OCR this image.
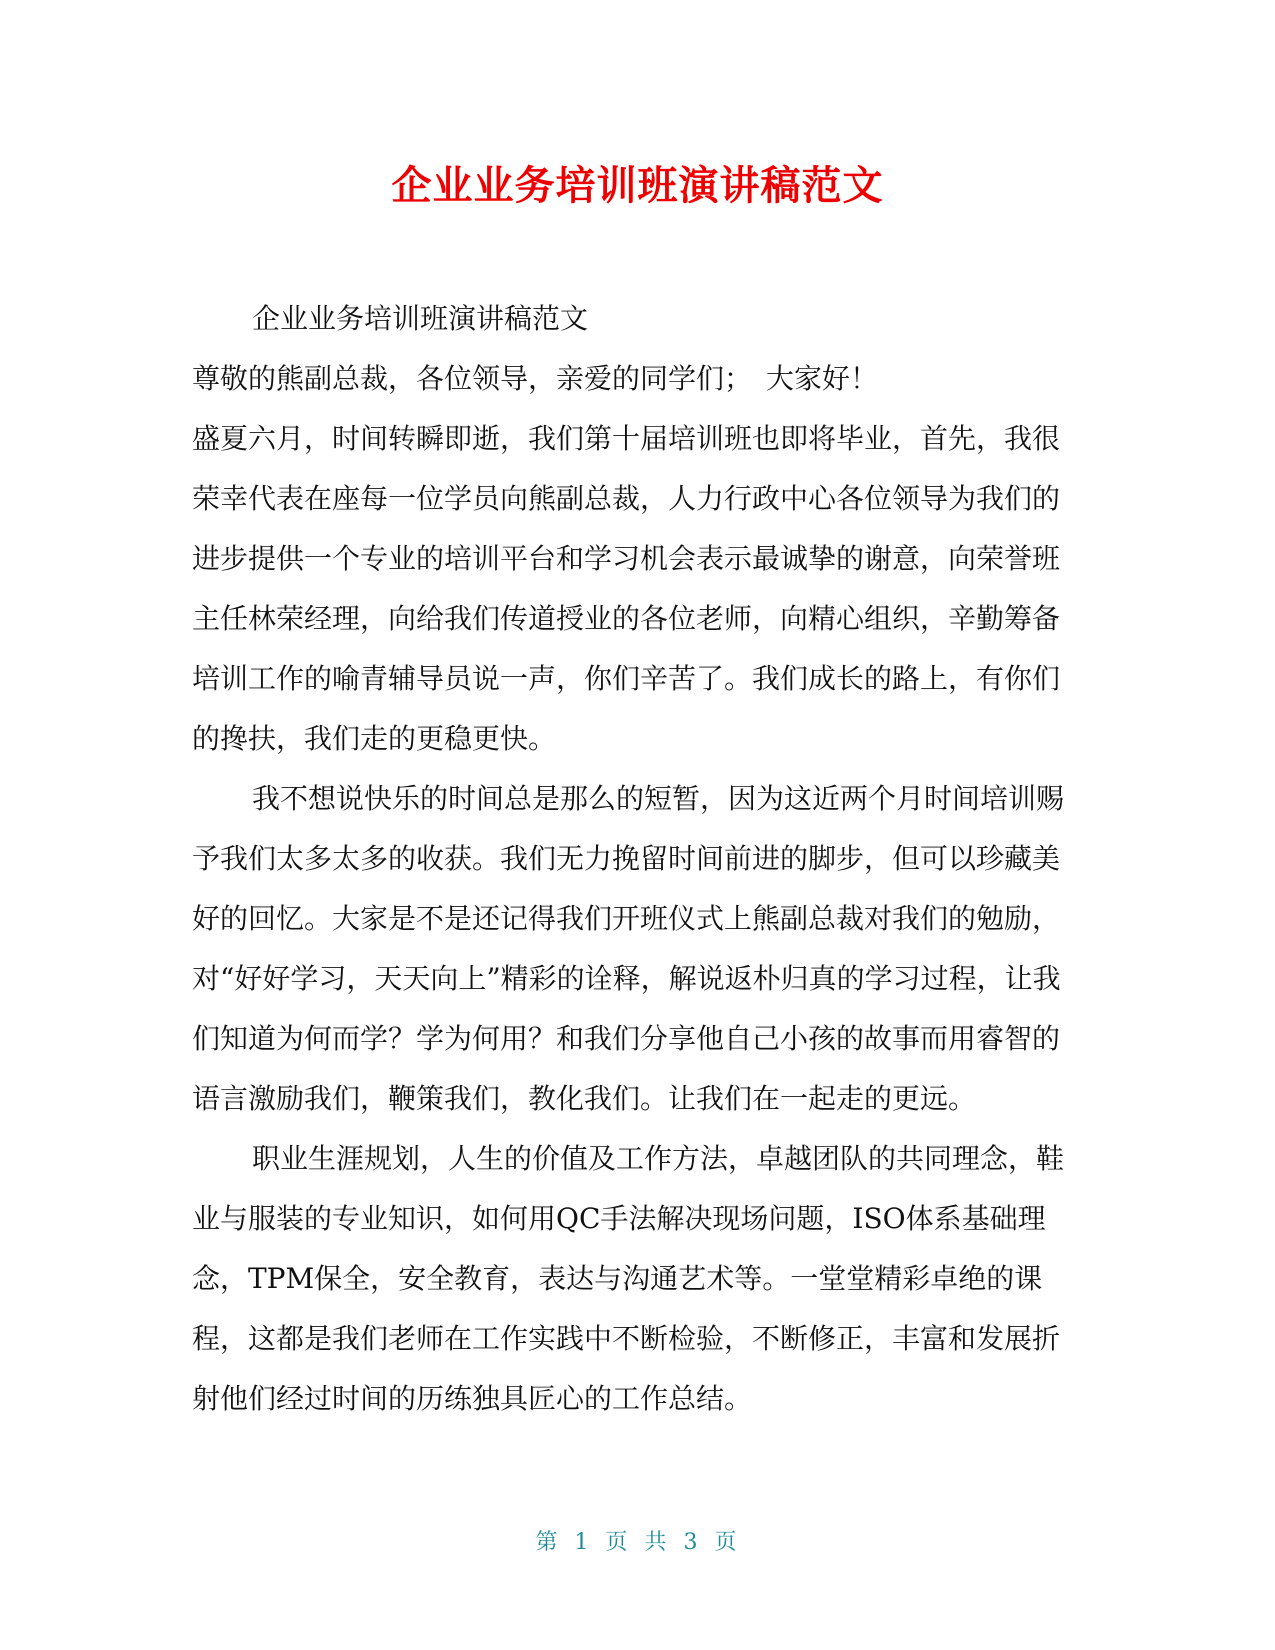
企业业务培训班演讲稿范文

企业业务培训班演讲稿范文

尊敬的熊副总裁，各位领导，亲爱的同学们；　大家好！

盛夏六月，时间转瞬即逝，我们第十届培训班也即将毕业，首先，我很荣幸代表在座每一位学员向熊副总裁，人力行政中心各位领导为我们的进步提供一个专业的培训平台和学习机会表示最诚挚的谢意，向荣誉班主任林荣经理，向给我们传道授业的各位老师，向精心组织，辛勤筹备培训工作的喻青辅导员说一声，你们辛苦了。我们成长的路上，有你们的搀扶，我们走的更稳更快。

我不想说快乐的时间总是那么的短暂，因为这近两个月时间培训赐予我们太多太多的收获。我们无力挽留时间前进的脚步，但可以珍藏美好的回忆。大家是不是还记得我们开班仪式上熊副总裁对我们的勉励，对“好好学习，天天向上”精彩的诠释，解说返朴归真的学习过程，让我们知道为何而学？学为何用？和我们分享他自己小孩的故事而用睿智的语言激励我们，鞭策我们，教化我们。让我们在一起走的更远。

职业生涯规划，人生的价值及工作方法，卓越团队的共同理念，鞋业与服装的专业知识，如何用QC手法解决现场问题，ISO体系基础理念，TPM保全，安全教育，表达与沟通艺术等。一堂堂精彩卓绝的课程，这都是我们老师在工作实践中不断检验，不断修正，丰富和发展折射他们经过时间的历练独具匠心的工作总结。

第 1 页 共 3 页
